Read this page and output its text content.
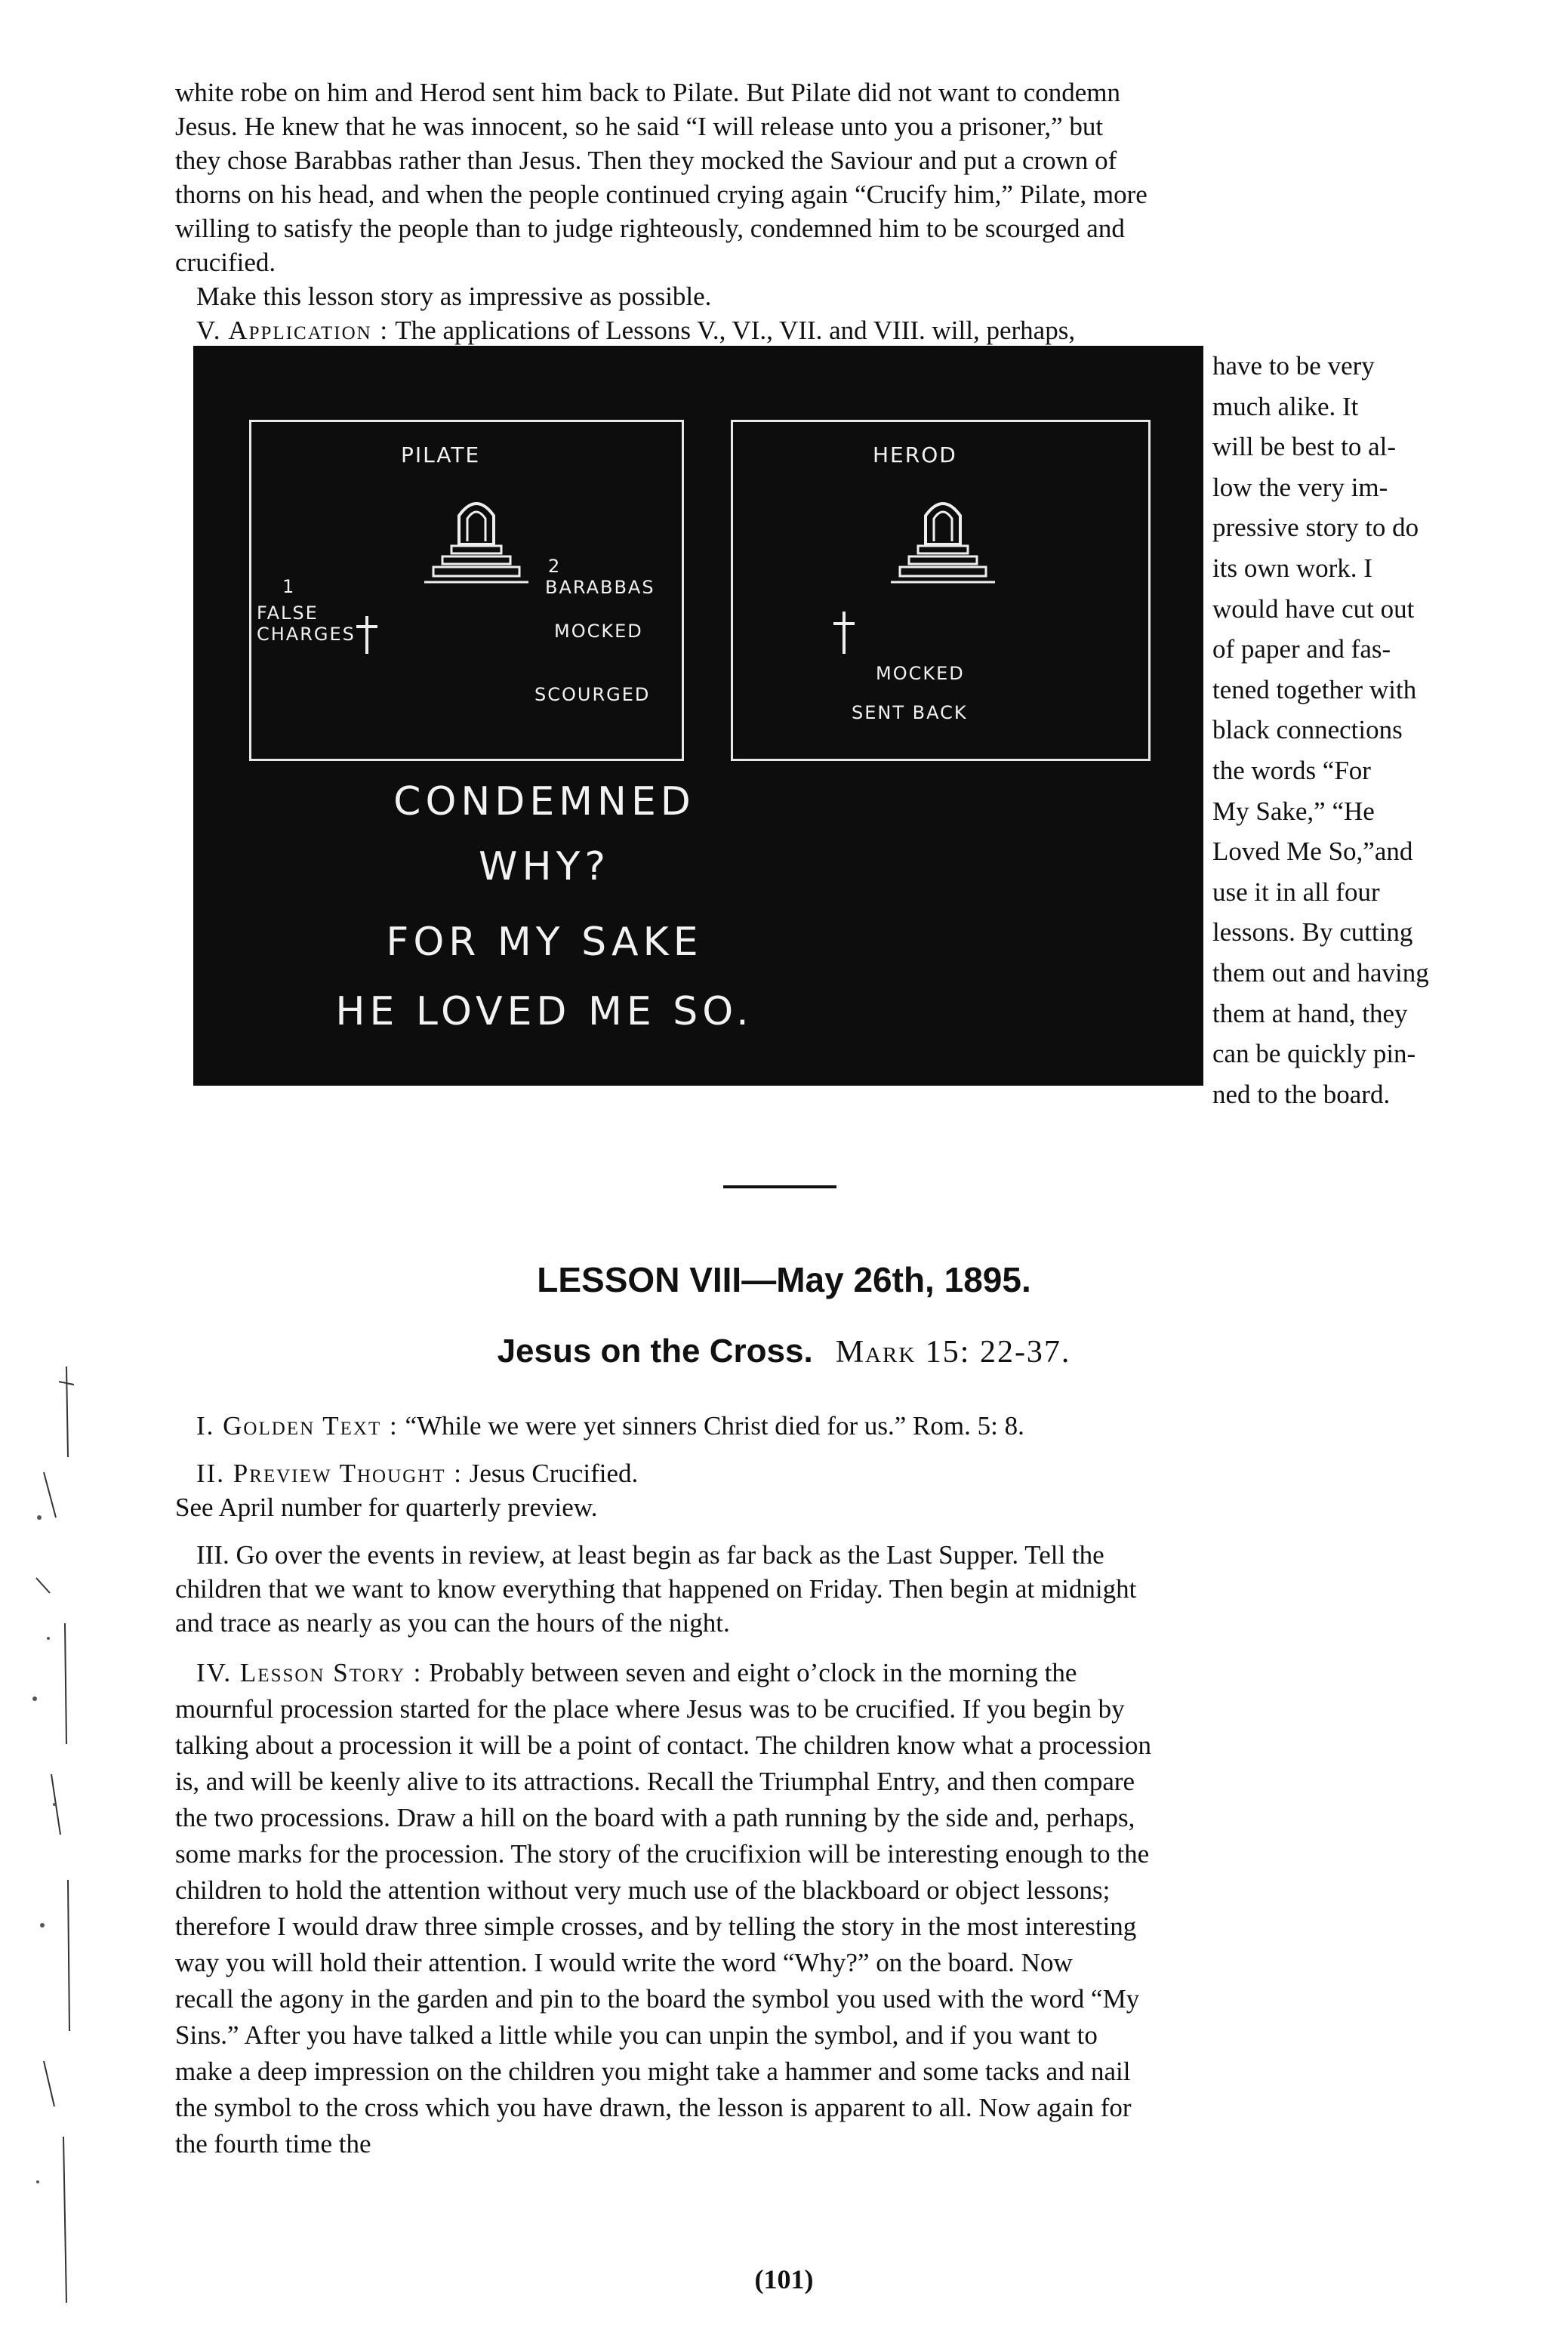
white robe on him and Herod sent him back to Pilate. But Pilate did not want to condemn

Jesus. He knew that he was innocent, so he said “I will release unto you a prisoner,” but

they chose Barabbas rather than Jesus. Then they mocked the Saviour and put a crown of

thorns on his head, and when the people continued crying again “Crucify him,” Pilate, more

willing to satisfy the people than to judge righteously, condemned him to be scourged and

crucified.

Make this lesson story as impressive as possible.

V. Application : The applications of Lessons V., VI., VII. and VIII. will, perhaps,

PILATE
1
2
FALSE
CHARGES
BARABBAS
MOCKED
SCOURGED
HEROD
MOCKED
SENT BACK
CONDEMNED
WHY?
FOR MY SAKE
HE LOVED ME SO.

have to be very

much alike. It

will be best to al-

low the very im-

pressive story to do

its own work. I

would have cut out

of paper and fas-

tened together with

black connections

the words “For

My Sake,” “He

Loved Me So,”and

use it in all four

lessons. By cutting

them out and having

them at hand, they

can be quickly pin-

ned to the board.

LESSON VIII—May 26th, 1895.
Jesus on the Cross. Mark 15: 22-37.

I. Golden Text : “While we were yet sinners Christ died for us.” Rom. 5: 8.

II. Preview Thought : Jesus Crucified.

See April number for quarterly preview.

III. Go over the events in review, at least begin as far back as the Last Supper. Tell the

children that we want to know everything that happened on Friday. Then begin at midnight

and trace as nearly as you can the hours of the night.

IV. Lesson Story : Probably between seven and eight o’clock in the morning the

mournful procession started for the place where Jesus was to be crucified. If you begin by

talking about a procession it will be a point of contact. The children know what a procession

is, and will be keenly alive to its attractions. Recall the Triumphal Entry, and then compare

the two processions. Draw a hill on the board with a path running by the side and, perhaps,

some marks for the procession. The story of the crucifixion will be interesting enough to the

children to hold the attention without very much use of the blackboard or object lessons;

therefore I would draw three simple crosses, and by telling the story in the most interesting

way you will hold their attention. I would write the word “Why?” on the board. Now

recall the agony in the garden and pin to the board the symbol you used with the word “My

Sins.” After you have talked a little while you can unpin the symbol, and if you want to

make a deep impression on the children you might take a hammer and some tacks and nail

the symbol to the cross which you have drawn, the lesson is apparent to all. Now again for

the fourth time the

(101)
